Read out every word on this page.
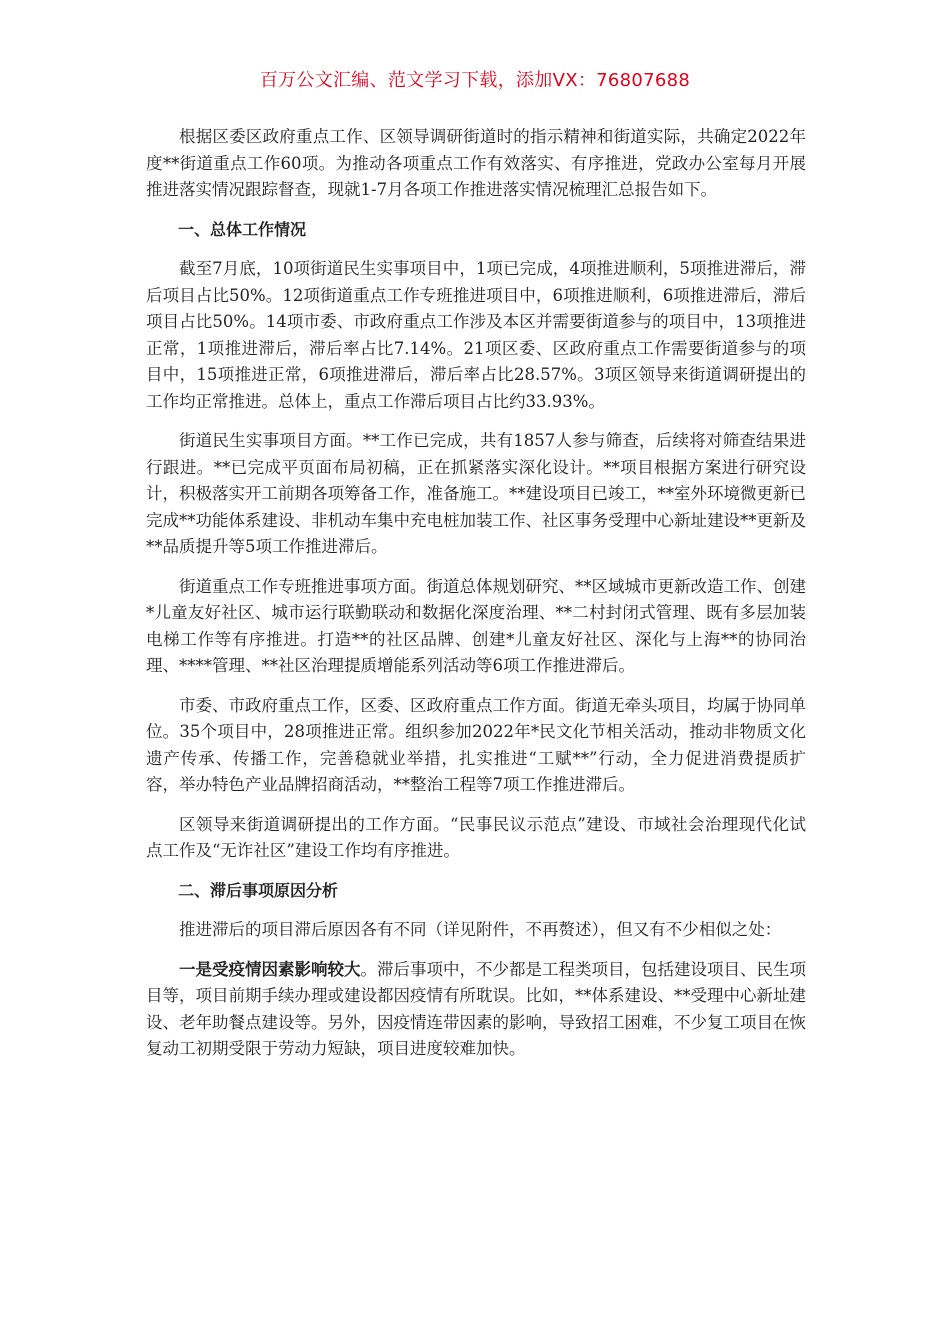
百万公文汇编、范文学习下载，添加VX：76807688

根据区委区政府重点工作、区领导调研街道时的指示精神和街道实际，共确定2022年度**街道重点工作60项。为推动各项重点工作有效落实、有序推进，党政办公室每月开展推进落实情况跟踪督查，现就1-7月各项工作推进落实情况梳理汇总报告如下。

一、总体工作情况

截至7月底，10项街道民生实事项目中，1项已完成，4项推进顺利，5项推进滞后，滞后项目占比50%。12项街道重点工作专班推进项目中，6项推进顺利，6项推进滞后，滞后项目占比50%。14项市委、市政府重点工作涉及本区并需要街道参与的项目中，13项推进正常，1项推进滞后，滞后率占比7.14%。21项区委、区政府重点工作需要街道参与的项目中，15项推进正常，6项推进滞后，滞后率占比28.57%。3项区领导来街道调研提出的工作均正常推进。总体上，重点工作滞后项目占比约33.93%。

街道民生实事项目方面。**工作已完成，共有1857人参与筛查，后续将对筛查结果进行跟进。**已完成平页面布局初稿，正在抓紧落实深化设计。**项目根据方案进行研究设计，积极落实开工前期各项筹备工作，准备施工。**建设项目已竣工，**室外环境微更新已完成**功能体系建设、非机动车集中充电桩加装工作、社区事务受理中心新址建设**更新及**品质提升等5项工作推进滞后。

街道重点工作专班推进事项方面。街道总体规划研究、**区域城市更新改造工作、创建*儿童友好社区、城市运行联勤联动和数据化深度治理、**二村封闭式管理、既有多层加装电梯工作等有序推进。打造**的社区品牌、创建*儿童友好社区、深化与上海**的协同治理、****管理、**社区治理提质增能系列活动等6项工作推进滞后。

市委、市政府重点工作，区委、区政府重点工作方面。街道无牵头项目，均属于协同单位。35个项目中，28项推进正常。组织参加2022年*民文化节相关活动，推动非物质文化遗产传承、传播工作，完善稳就业举措，扎实推进“工赋**”行动，全力促进消费提质扩容，举办特色产业品牌招商活动，**整治工程等7项工作推进滞后。

区领导来街道调研提出的工作方面。“民事民议示范点”建设、市域社会治理现代化试点工作及“无诈社区”建设工作均有序推进。

二、滞后事项原因分析

推进滞后的项目滞后原因各有不同（详见附件，不再赘述），但又有不少相似之处：

一是受疫情因素影响较大。滞后事项中，不少都是工程类项目，包括建设项目、民生项目等，项目前期手续办理或建设都因疫情有所耽误。比如，**体系建设、**受理中心新址建设、老年助餐点建设等。另外，因疫情连带因素的影响，导致招工困难，不少复工项目在恢复动工初期受限于劳动力短缺，项目进度较难加快。
